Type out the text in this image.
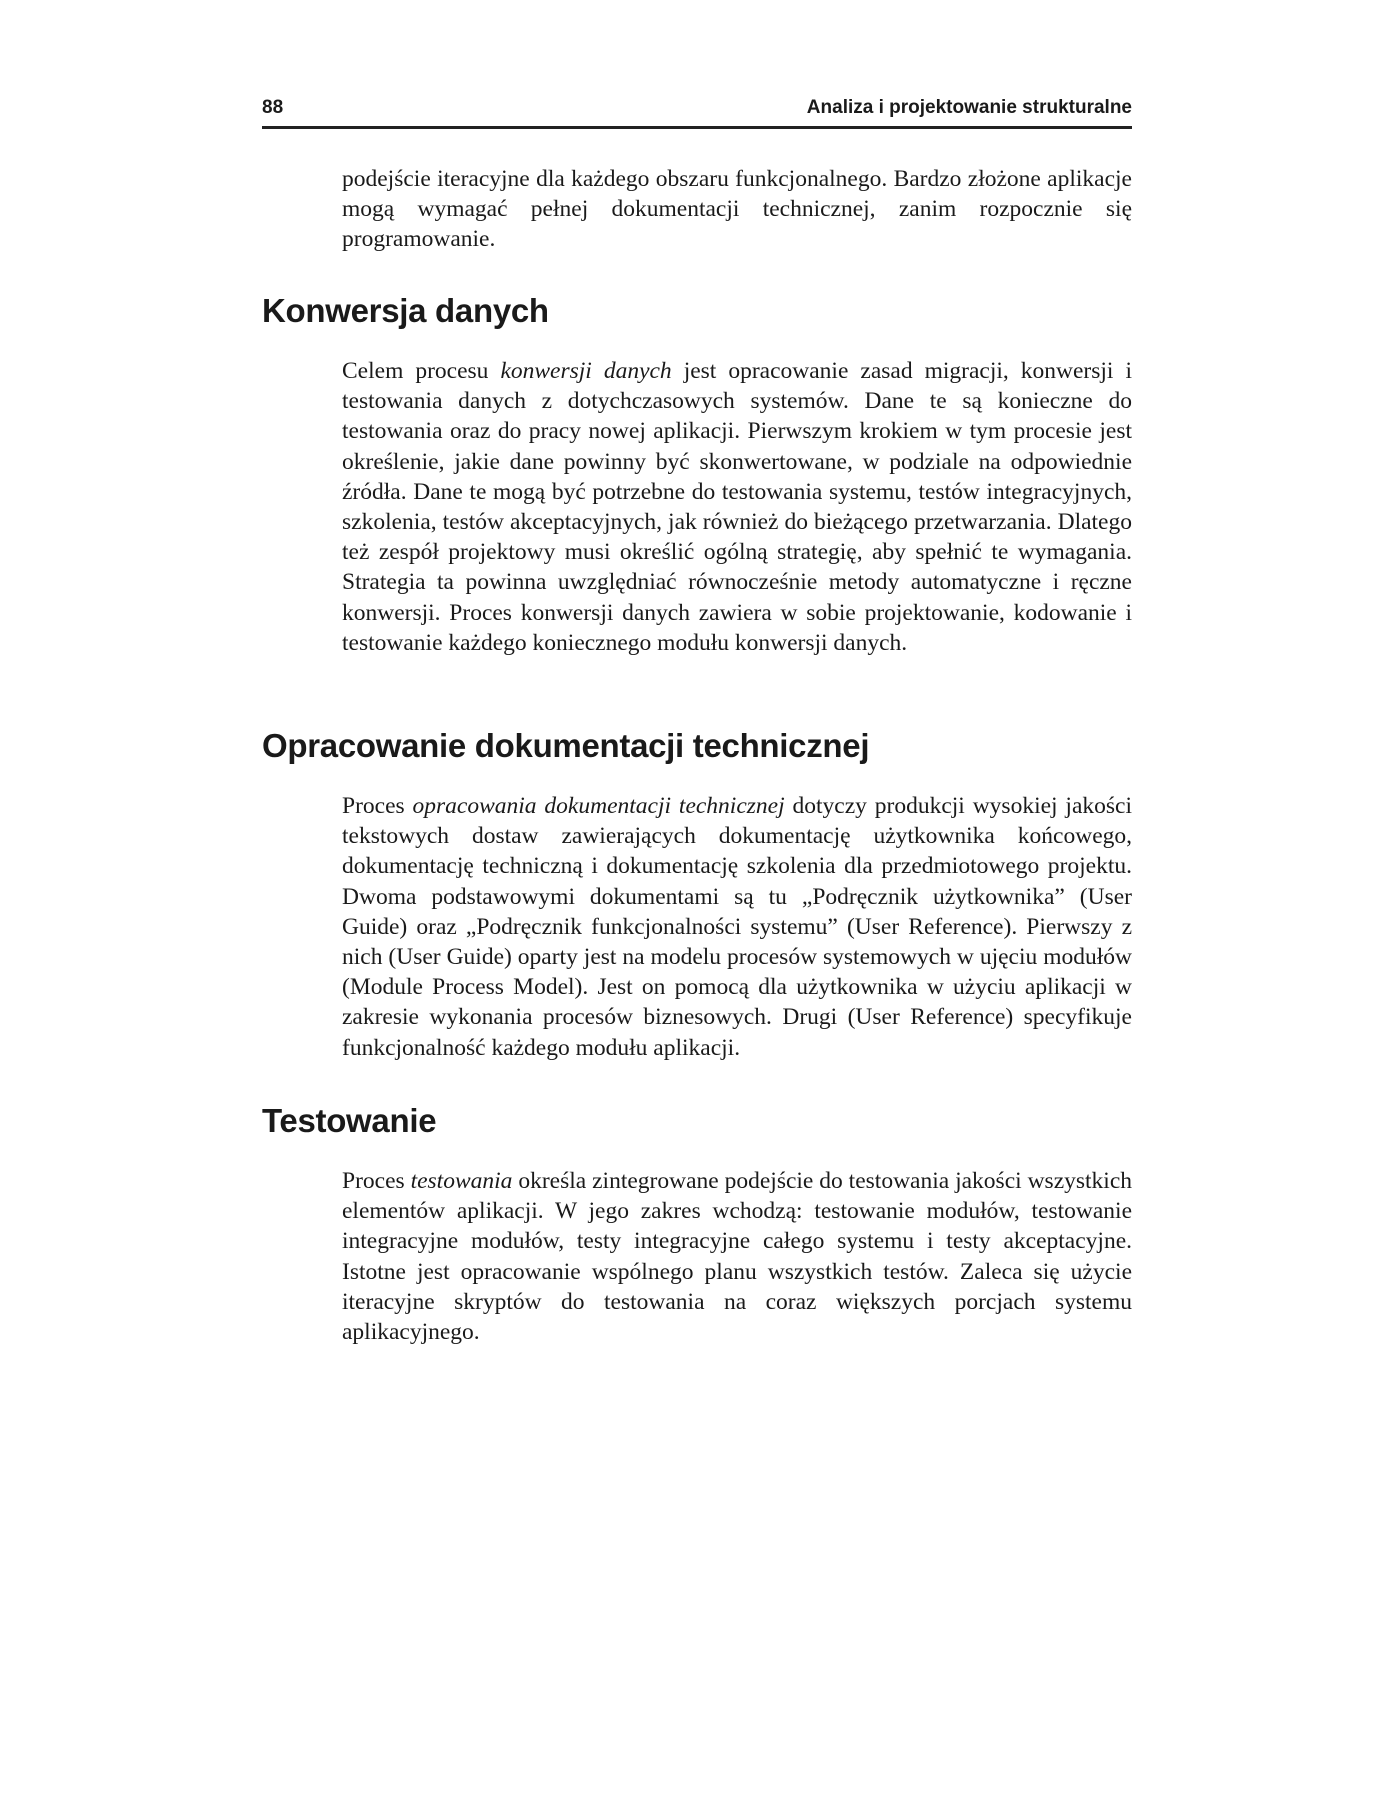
88	Analiza i projektowanie strukturalne

podejście iteracyjne dla każdego obszaru funkcjonalnego. Bardzo złożone aplikacje mogą wymagać pełnej dokumentacji technicznej, zanim rozpocznie się programowanie.

Konwersja danych

Celem procesu konwersji danych jest opracowanie zasad migracji, konwersji i testowania danych z dotychczasowych systemów. Dane te są konieczne do testowania oraz do pracy nowej aplikacji. Pierwszym krokiem w tym procesie jest określenie, jakie dane powinny być skonwertowane, w podziale na odpowiednie źródła. Dane te mogą być potrzebne do testowania systemu, testów integracyjnych, szkolenia, testów akceptacyjnych, jak również do bieżącego przetwarzania. Dlatego też zespół projektowy musi określić ogólną strategię, aby spełnić te wymagania. Strategia ta powinna uwzględniać równocześnie metody automatyczne i ręczne konwersji. Proces konwersji danych zawiera w sobie projektowanie, kodowanie i testowanie każdego koniecznego modułu konwersji danych.

Opracowanie dokumentacji technicznej

Proces opracowania dokumentacji technicznej dotyczy produkcji wysokiej jakości tekstowych dostaw zawierających dokumentację użytkownika końcowego, dokumentację techniczną i dokumentację szkolenia dla przedmiotowego projektu. Dwoma podstawowymi dokumentami są tu „Podręcznik użytkownika” (User Guide) oraz „Podręcznik funkcjonalności systemu” (User Reference). Pierwszy z nich (User Guide) oparty jest na modelu procesów systemowych w ujęciu modułów (Module Process Model). Jest on pomocą dla użytkownika w użyciu aplikacji w zakresie wykonania procesów biznesowych. Drugi (User Reference) specyfikuje funkcjonalność każdego modułu aplikacji.

Testowanie

Proces testowania określa zintegrowane podejście do testowania jakości wszystkich elementów aplikacji. W jego zakres wchodzą: testowanie modułów, testowanie integracyjne modułów, testy integracyjne całego systemu i testy akceptacyjne. Istotne jest opracowanie wspólnego planu wszystkich testów. Zaleca się użycie iteracyjne skryptów do testowania na coraz większych porcjach systemu aplikacyjnego.
